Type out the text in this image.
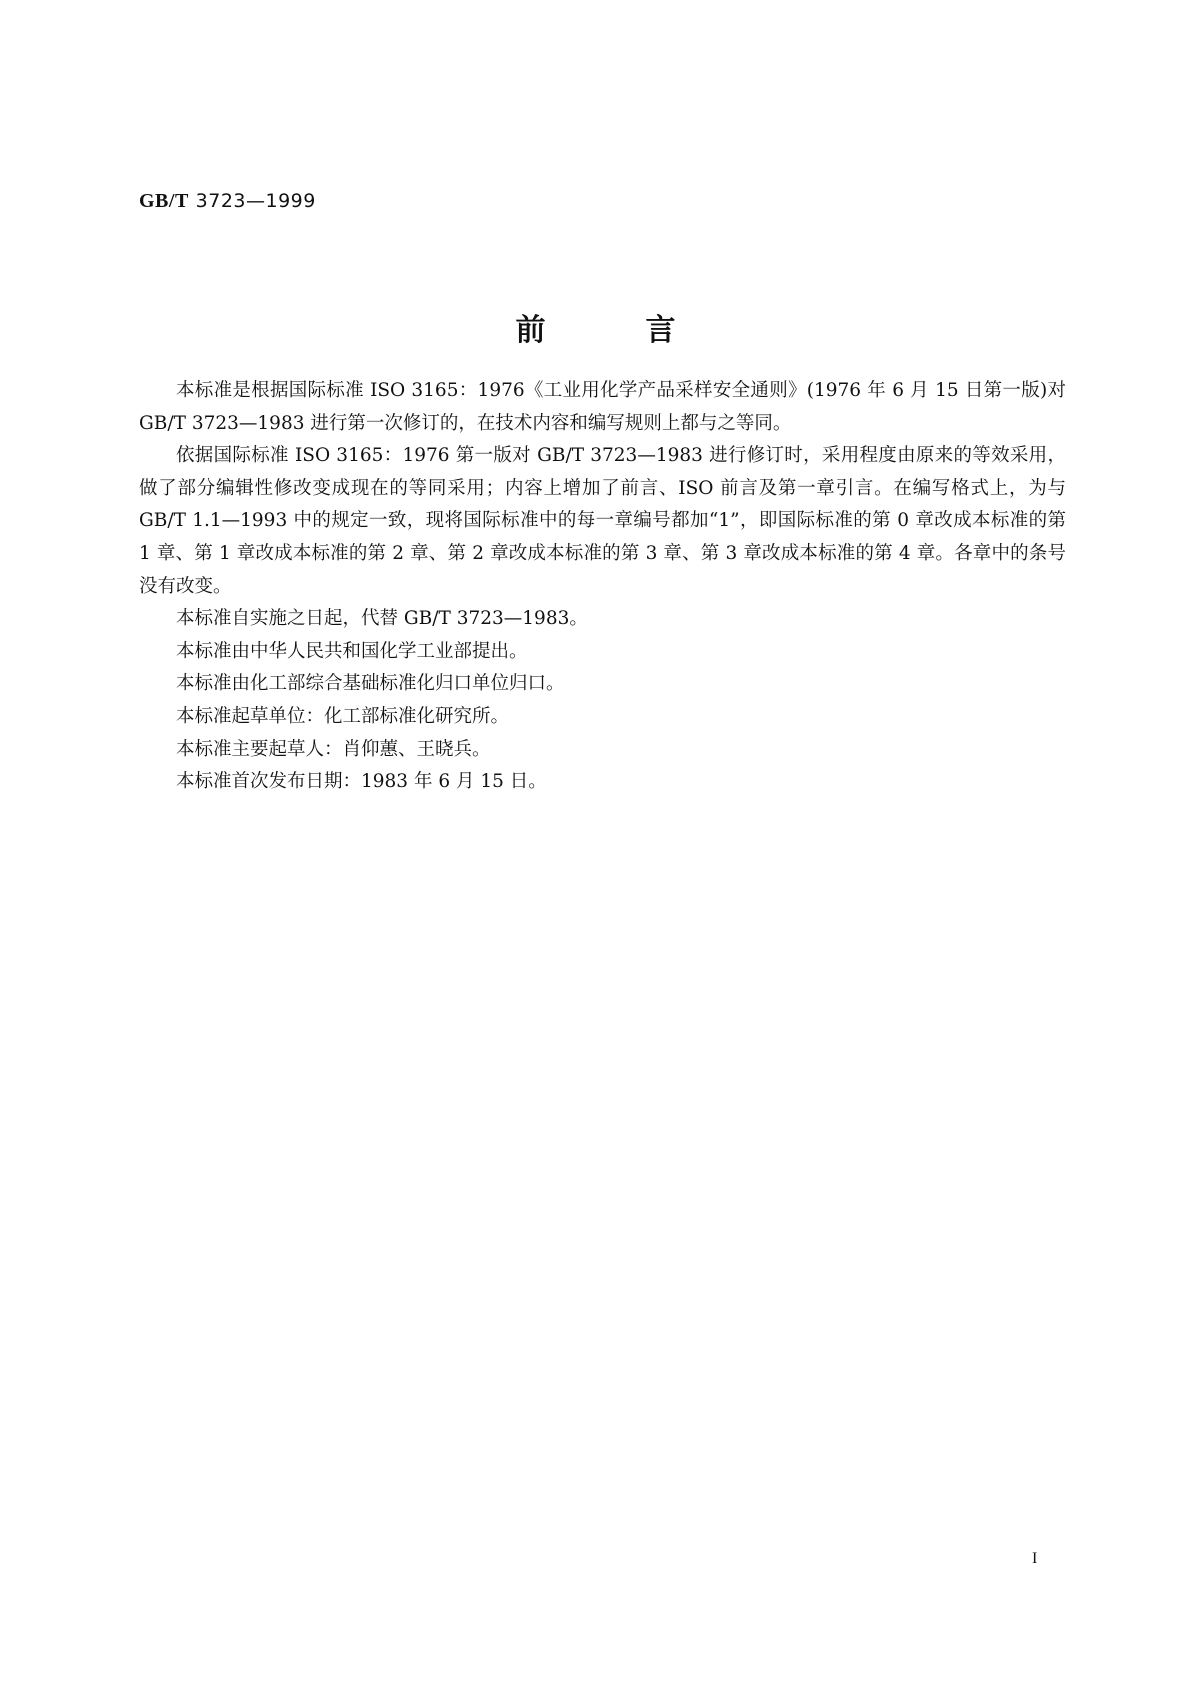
GB/T 3723—1999
前言

本标准是根据国际标准 ISO 3165：1976《工业用化学产品采样安全通则》(1976 年 6 月 15 日第一版)对 GB/T 3723—1983 进行第一次修订的，在技术内容和编写规则上都与之等同。

依据国际标准 ISO 3165：1976 第一版对 GB/T 3723—1983 进行修订时，采用程度由原来的等效采用，做了部分编辑性修改变成现在的等同采用；内容上增加了前言、ISO 前言及第一章引言。在编写格式上，为与 GB/T 1.1—1993 中的规定一致，现将国际标准中的每一章编号都加“1”，即国际标准的第 0 章改成本标准的第 1 章、第 1 章改成本标准的第 2 章、第 2 章改成本标准的第 3 章、第 3 章改成本标准的第 4 章。各章中的条号没有改变。

本标准自实施之日起，代替 GB/T 3723—1983。

本标准由中华人民共和国化学工业部提出。

本标准由化工部综合基础标准化归口单位归口。

本标准起草单位：化工部标准化研究所。

本标准主要起草人：肖仰蕙、王晓兵。

本标准首次发布日期：1983 年 6 月 15 日。

I
